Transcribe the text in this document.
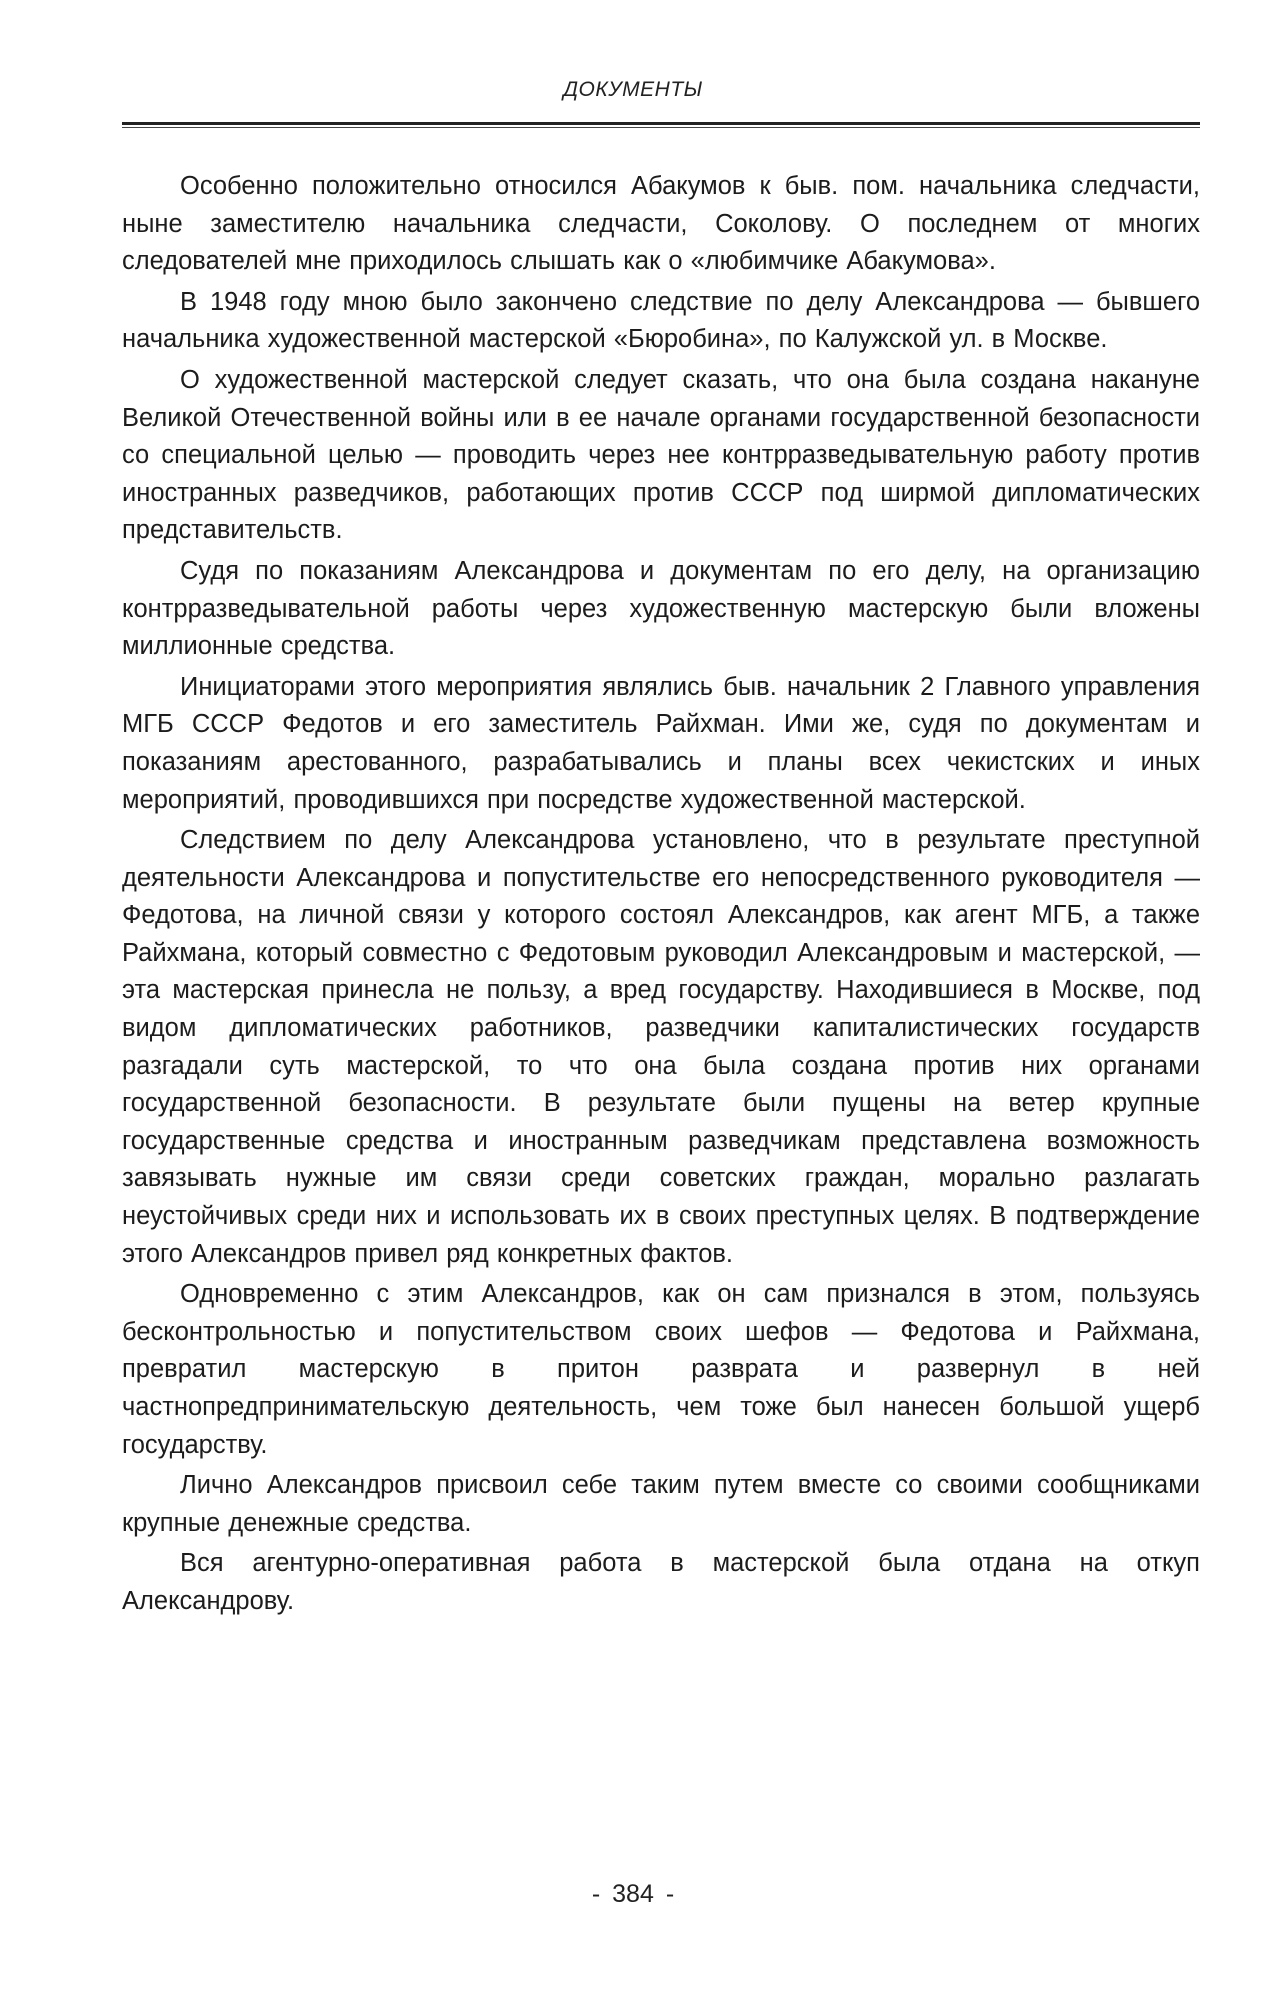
ДОКУМЕНТЫ

Особенно положительно относился Абакумов к быв. пом. начальника следчасти, ныне заместителю начальника следчасти, Соколову. О последнем от многих следователей мне приходилось слышать как о «любимчике Абакумова».

В 1948 году мною было закончено следствие по делу Александрова — бывшего начальника художественной мастерской «Бюробина», по Калужской ул. в Москве.

О художественной мастерской следует сказать, что она была создана накануне Великой Отечественной войны или в ее начале органами государственной безопасности со специальной целью — проводить через нее контрразведывательную работу против иностранных разведчиков, работающих против СССР под ширмой дипломатических представительств.

Судя по показаниям Александрова и документам по его делу, на организацию контрразведывательной работы через художественную мастерскую были вложены миллионные средства.

Инициаторами этого мероприятия являлись быв. начальник 2 Главного управления МГБ СССР Федотов и его заместитель Райхман. Ими же, судя по документам и показаниям арестованного, разрабатывались и планы всех чекистских и иных мероприятий, проводившихся при посредстве художественной мастерской.

Следствием по делу Александрова установлено, что в результате преступной деятельности Александрова и попустительстве его непосредственного руководителя — Федотова, на личной связи у которого состоял Александров, как агент МГБ, а также Райхмана, который совместно с Федотовым руководил Александровым и мастерской, — эта мастерская принесла не пользу, а вред государству. Находившиеся в Москве, под видом дипломатических работников, разведчики капиталистических государств разгадали суть мастерской, то что она была создана против них органами государственной безопасности. В результате были пущены на ветер крупные государственные средства и иностранным разведчикам представлена возможность завязывать нужные им связи среди советских граждан, морально разлагать неустойчивых среди них и использовать их в своих преступных целях. В подтверждение этого Александров привел ряд конкретных фактов.

Одновременно с этим Александров, как он сам признался в этом, пользуясь бесконтрольностью и попустительством своих шефов — Федотова и Райхмана, превратил мастерскую в притон разврата и развернул в ней частнопредпринимательскую деятельность, чем тоже был нанесен большой ущерб государству.

Лично Александров присвоил себе таким путем вместе со своими сообщниками крупные денежные средства.

Вся агентурно-оперативная работа в мастерской была отдана на откуп Александрову.

- 384 -
